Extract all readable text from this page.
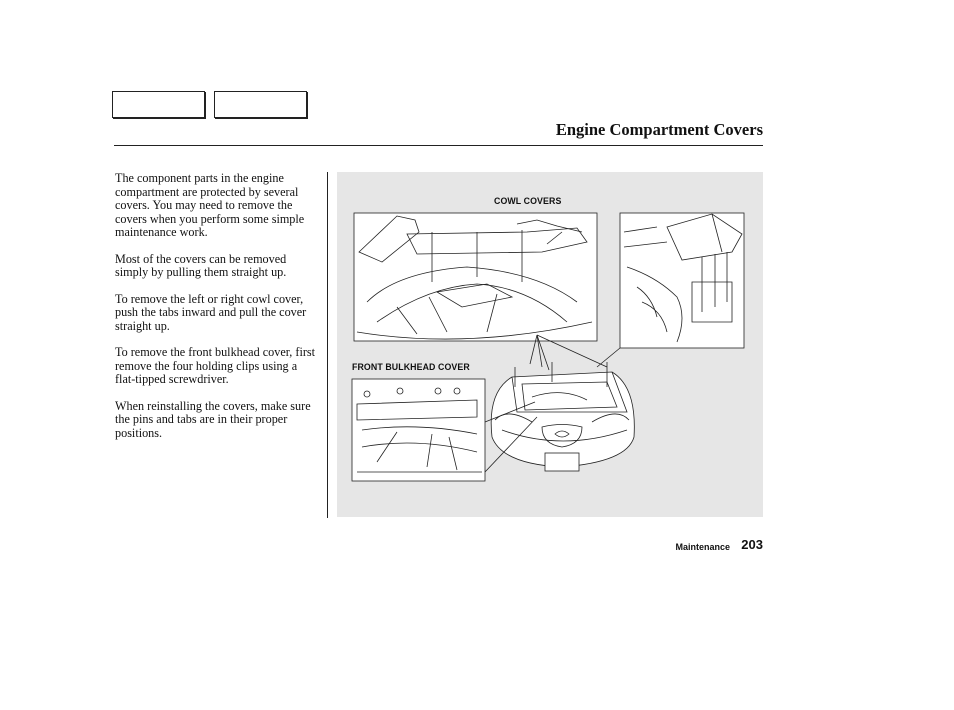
Engine Compartment Covers

The component parts in the engine compartment are protected by several covers. You may need to remove the covers when you perform some simple maintenance work.

Most of the covers can be removed simply by pulling them straight up.

To remove the left or right cowl cover, push the tabs inward and pull the cover straight up.

To remove the front bulkhead cover, first remove the four holding clips using a flat-tipped screwdriver.

When reinstalling the covers, make sure the pins and tabs are in their proper positions.

COWL COVERS
FRONT BULKHEAD COVER
Maintenance 203
